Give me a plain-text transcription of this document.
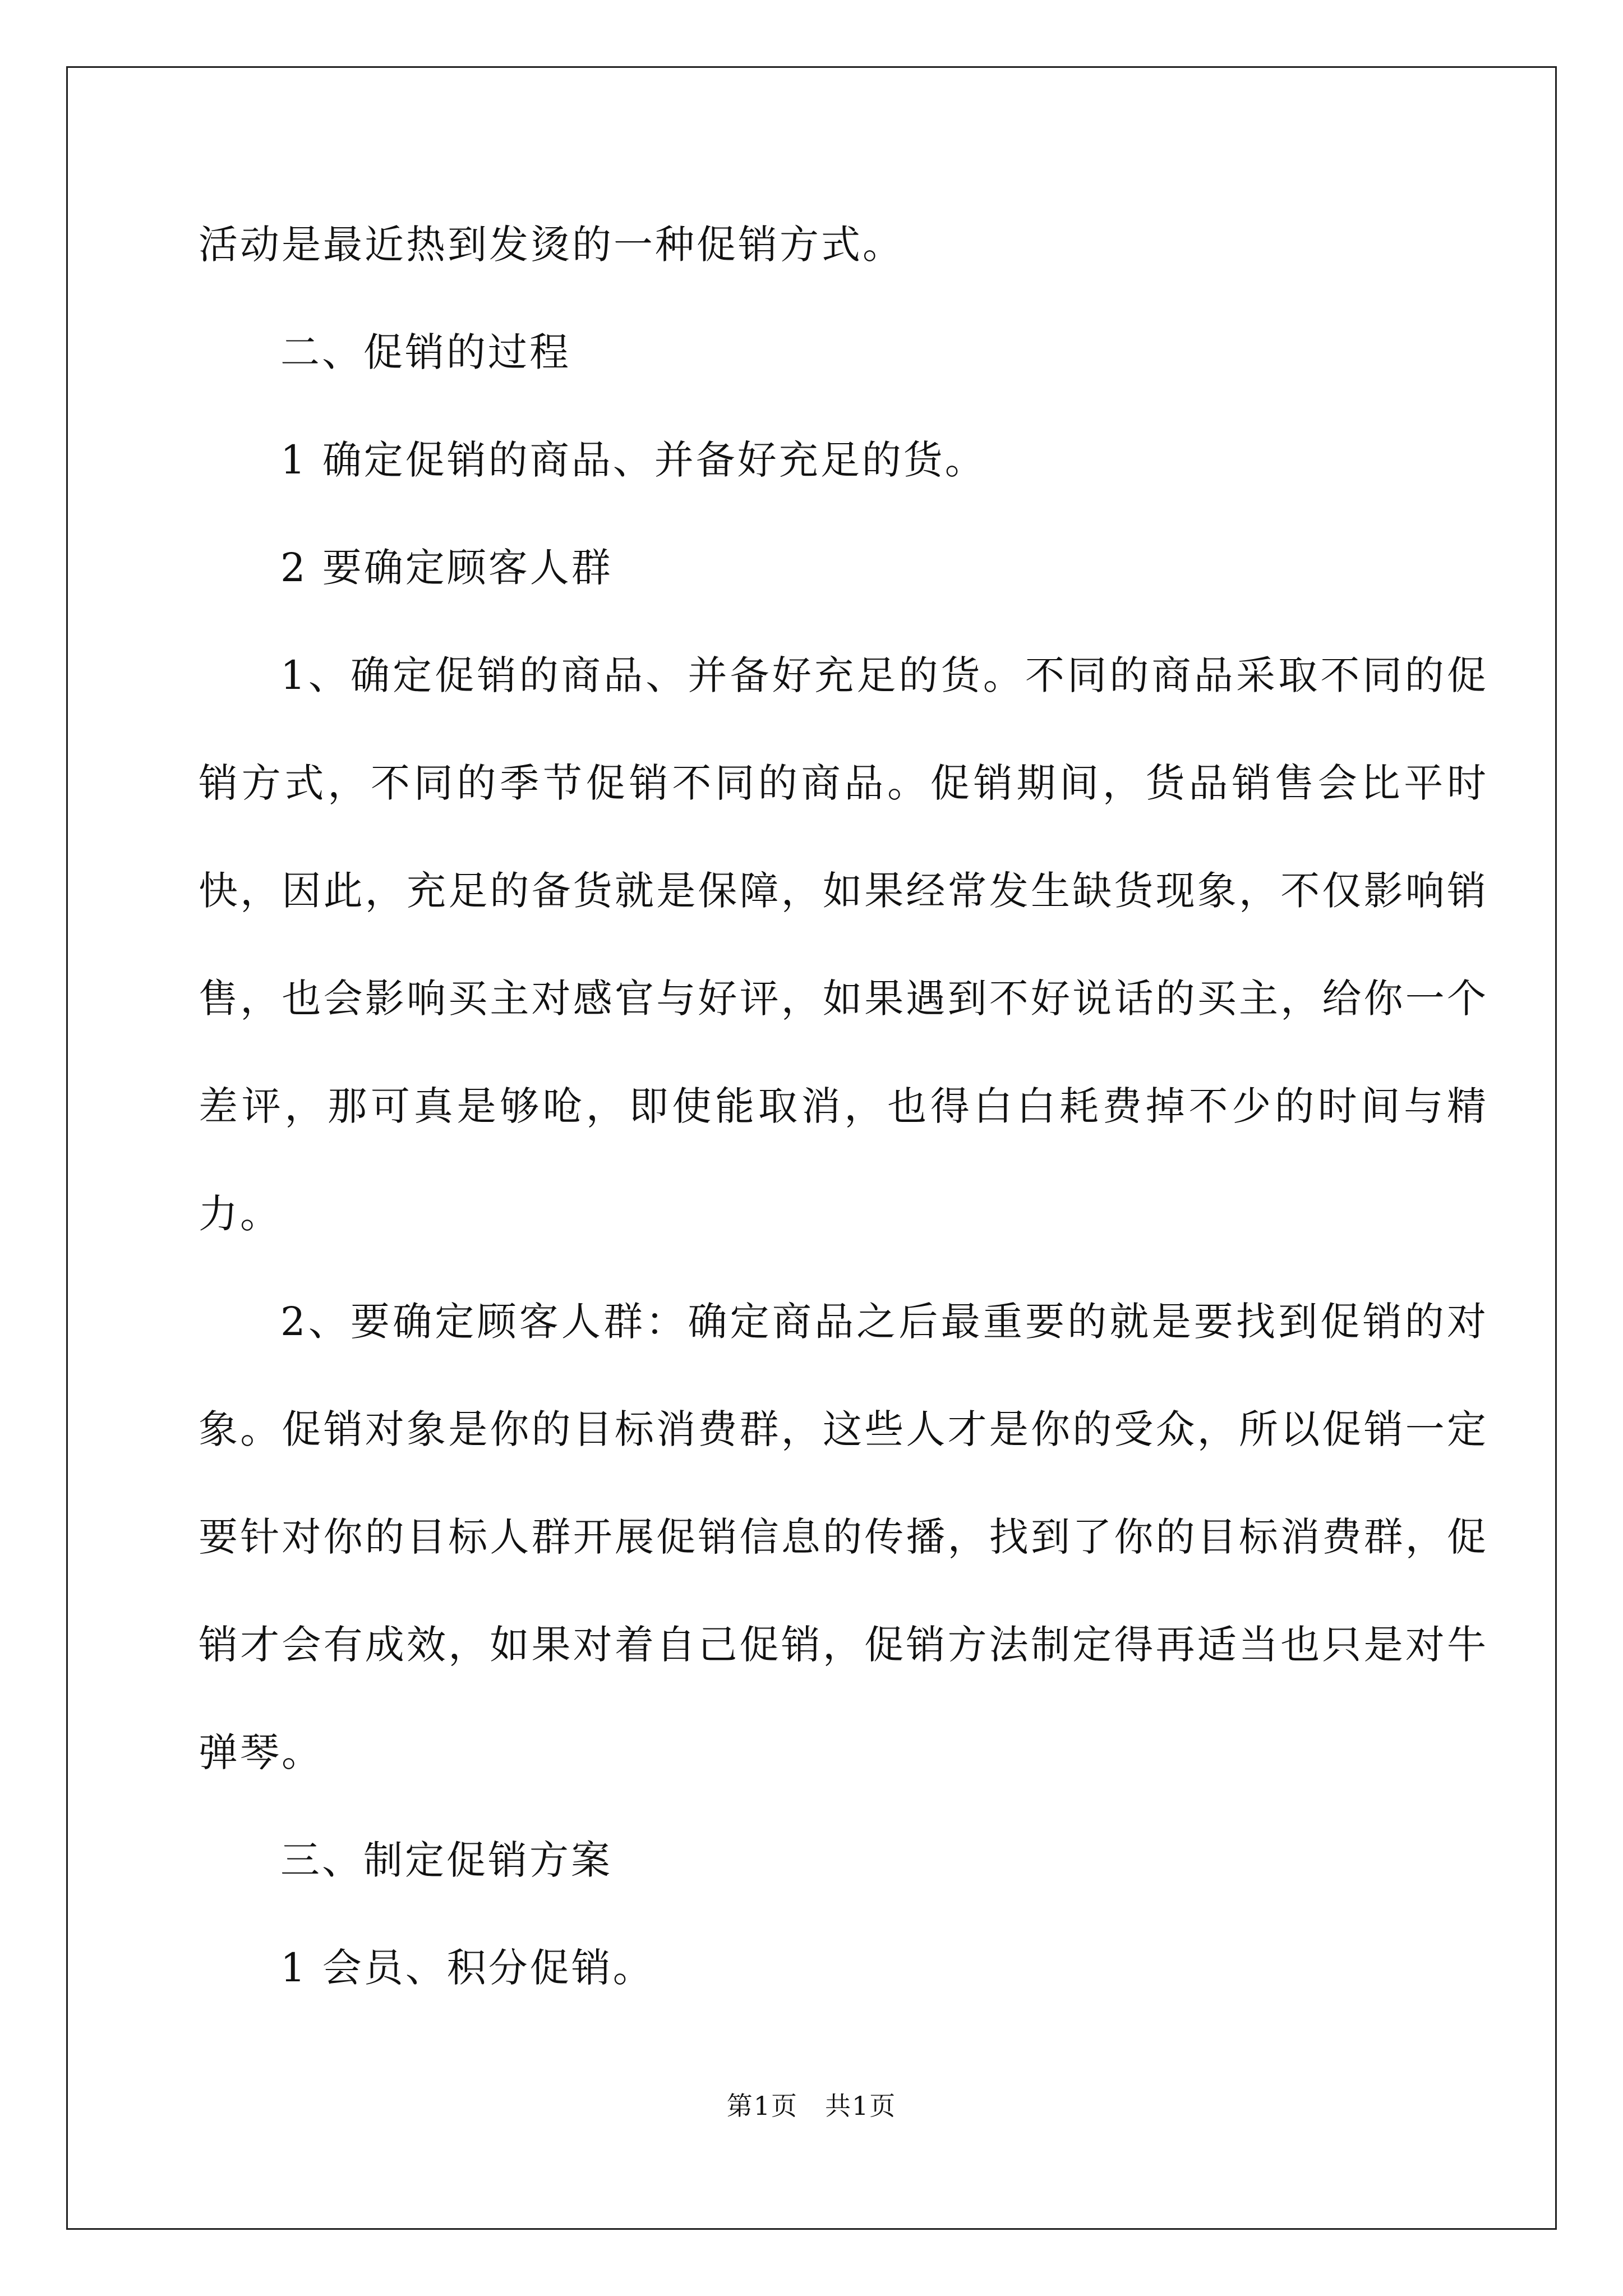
活动是最近热到发烫的一种促销方式。

二、促销的过程

1 确定促销的商品、并备好充足的货。

2 要确定顾客人群

1、确定促销的商品、并备好充足的货。不同的商品采取不同的促销方式，不同的季节促销不同的商品。促销期间，货品销售会比平时快，因此，充足的备货就是保障，如果经常发生缺货现象，不仅影响销售，也会影响买主对感官与好评，如果遇到不好说话的买主，给你一个差评，那可真是够呛，即使能取消，也得白白耗费掉不少的时间与精力。

2、要确定顾客人群：确定商品之后最重要的就是要找到促销的对象。促销对象是你的目标消费群，这些人才是你的受众，所以促销一定要针对你的目标人群开展促销信息的传播，找到了你的目标消费群，促销才会有成效，如果对着自己促销，促销方法制定得再适当也只是对牛弹琴。

三、制定促销方案

1 会员、积分促销。

第1页　共1页
